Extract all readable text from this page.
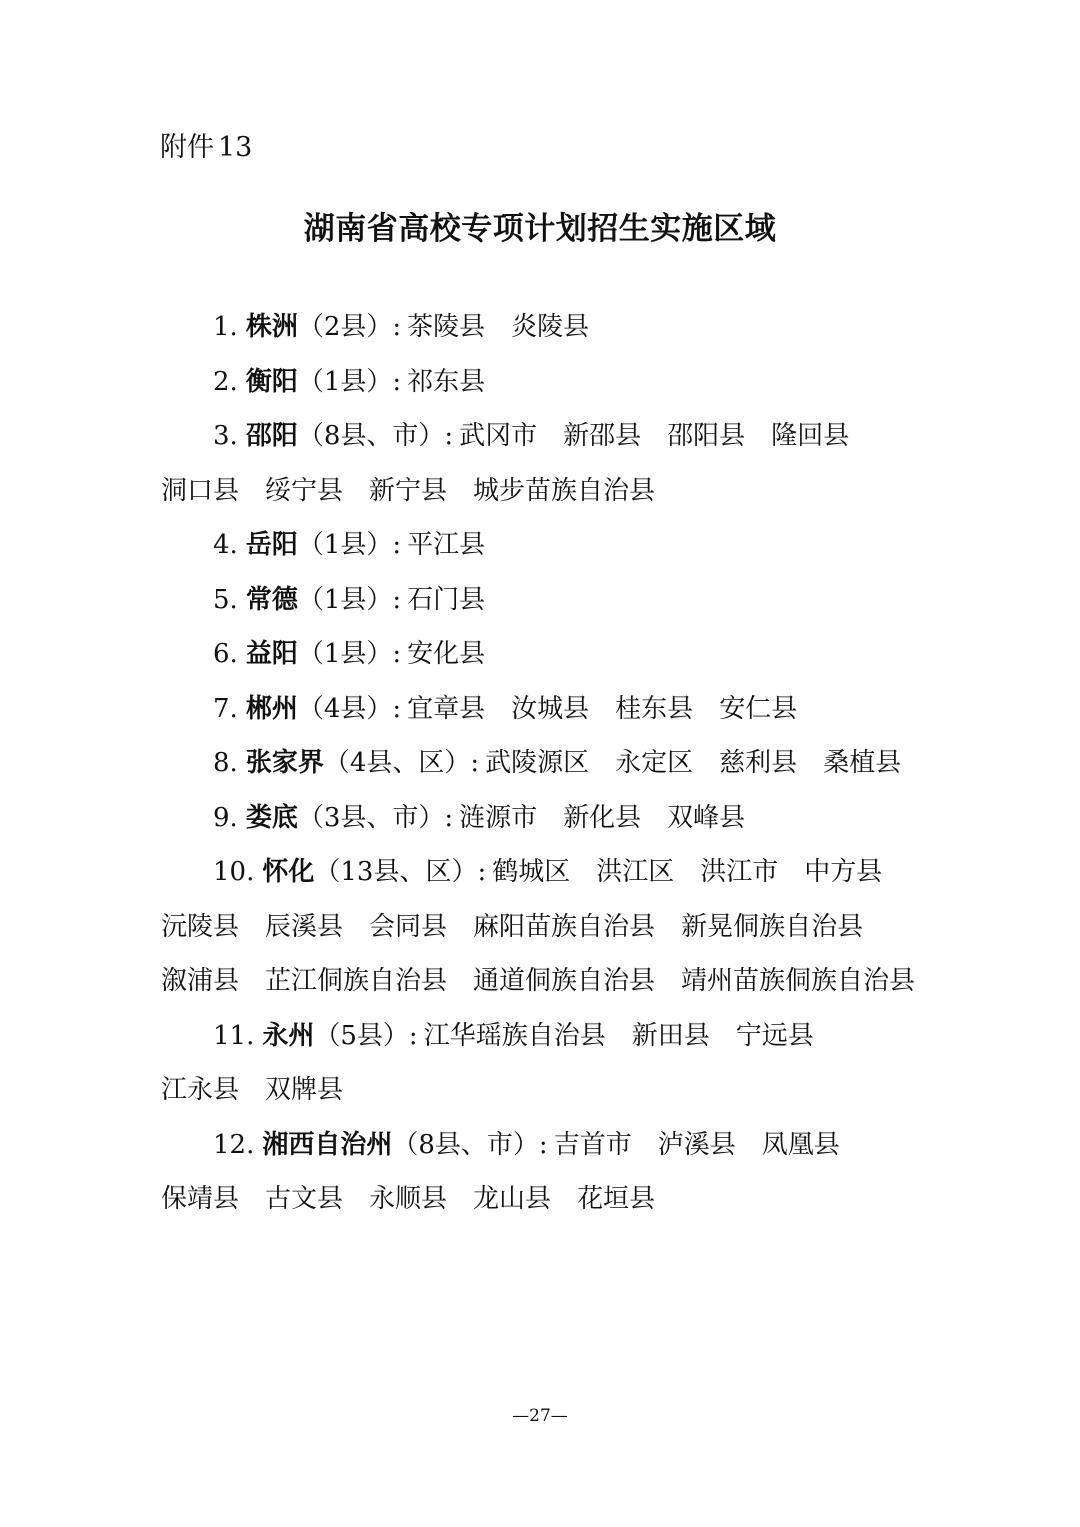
附件 13
湖南省高校专项计划招生实施区域
1. 株洲（2县）: 茶陵县 炎陵县
2. 衡阳（1县）: 祁东县
3. 邵阳（8县、市）: 武冈市 新邵县 邵阳县 隆回县
洞口县 绥宁县 新宁县 城步苗族自治县
4. 岳阳（1县）: 平江县
5. 常德（1县）: 石门县
6. 益阳（1县）: 安化县
7. 郴州（4县）: 宜章县 汝城县 桂东县 安仁县
8. 张家界（4县、区）: 武陵源区 永定区 慈利县 桑植县
9. 娄底（3县、市）: 涟源市 新化县 双峰县
10. 怀化（13县、区）: 鹤城区 洪江区 洪江市 中方县
沅陵县 辰溪县 会同县 麻阳苗族自治县 新晃侗族自治县
溆浦县 芷江侗族自治县 通道侗族自治县 靖州苗族侗族自治县
11. 永州（5县）: 江华瑶族自治县 新田县 宁远县
江永县 双牌县
12. 湘西自治州（8县、市）: 吉首市 泸溪县 凤凰县
保靖县 古文县 永顺县 龙山县 花垣县
—27—
